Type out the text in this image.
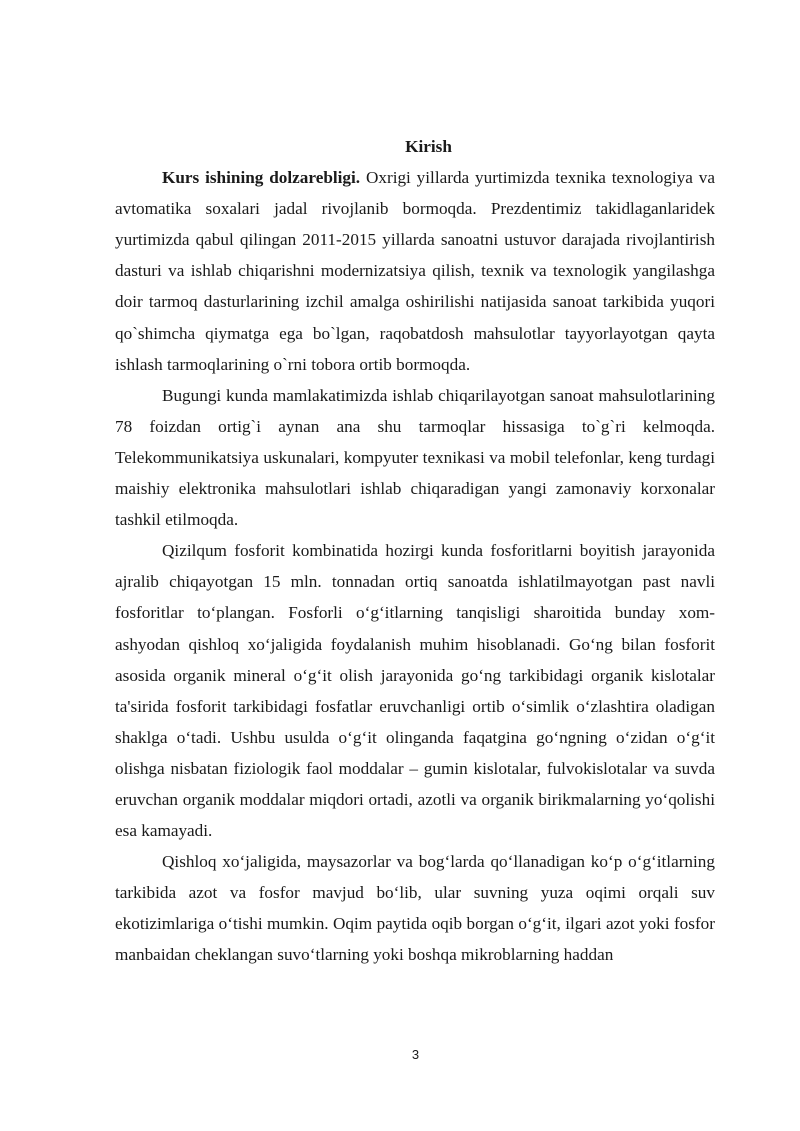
Kirish

Kurs ishining dolzarebligi. Oxrigi yillarda yurtimizda texnika texnologiya va avtomatika soxalari jadal rivojlanib bormoqda. Prezdentimiz takidlaganlaridek yurtimizda qabul qilingan 2011-2015 yillarda sanoatni ustuvor darajada rivojlantirish dasturi va ishlab chiqarishni modernizatsiya qilish, texnik va texnologik yangilashga doir tarmoq dasturlarining izchil amalga oshirilishi natijasida sanoat tarkibida yuqori qo`shimcha qiymatga ega bo`lgan, raqobatdosh mahsulotlar tayyorlayotgan qayta ishlash tarmoqlarining o`rni tobora ortib bormoqda.

Bugungi kunda mamlakatimizda ishlab chiqarilayotgan sanoat mahsulotlarining 78 foizdan ortig`i aynan ana shu tarmoqlar hissasiga to`g`ri kelmoqda. Telekommunikatsiya uskunalari, kompyuter texnikasi va mobil telefonlar, keng turdagi maishiy elektronika mahsulotlari ishlab chiqaradigan yangi zamonaviy korxonalar tashkil etilmoqda.

Qizilqum fosforit kombinatida hozirgi kunda fosforitlarni boyitish jarayonida ajralib chiqayotgan 15 mln. tonnadan ortiq sanoatda ishlatilmayotgan past navli fosforitlar to‘plangan. Fosforli o‘g‘itlarning tanqisligi sharoitida bunday xom-ashyodan qishloq xo‘jaligida foydalanish muhim hisoblanadi. Go‘ng bilan fosforit asosida organik mineral o‘g‘it olish jarayonida go‘ng tarkibidagi organik kislotalar ta'sirida fosforit tarkibidagi fosfatlar eruvchanligi ortib o‘simlik o‘zlashtira oladigan shaklga o‘tadi. Ushbu usulda o‘g‘it olinganda faqatgina go‘ngning o‘zidan o‘g‘it olishga nisbatan fiziologik faol moddalar – gumin kislotalar, fulvokislotalar va suvda eruvchan organik moddalar miqdori ortadi, azotli va organik birikmalarning yo‘qolishi esa kamayadi.

Qishloq xo‘jaligida, maysazorlar va bog‘larda qo‘llanadigan ko‘p o‘g‘itlarning tarkibida azot va fosfor mavjud bo‘lib, ular suvning yuza oqimi orqali suv ekotizimlariga o‘tishi mumkin. Oqim paytida oqib borgan o‘g‘it, ilgari azot yoki fosfor manbaidan cheklangan suvo‘tlarning yoki boshqa mikroblarning haddan

3
